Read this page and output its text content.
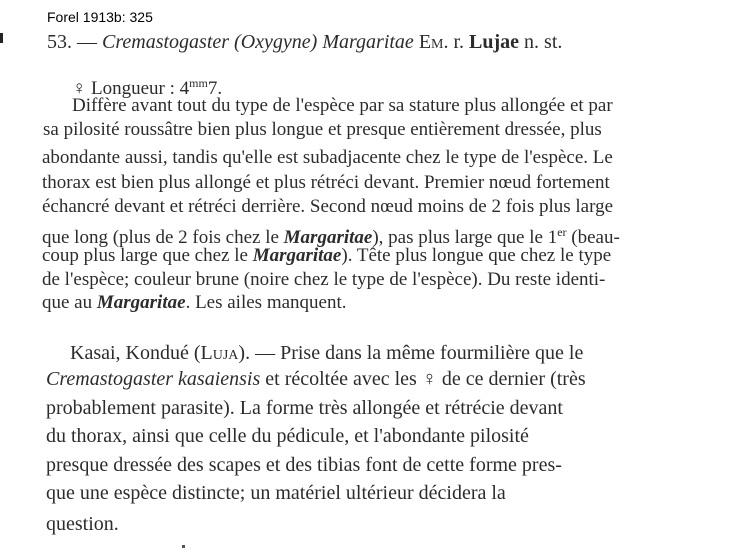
Forel 1913b: 325
53. — Cremastogaster (Oxygyne) Margaritae Em. r. Lujae n. st.
♀ Longueur : $4^{mm}7$.
Diffère avant tout du type de l'espèce par sa stature plus allongée et par
sa pilosité roussâtre bien plus longue et presque entièrement dressée, plus
abondante aussi, tandis qu'elle est subadjacente chez le type de l'espèce. Le
thorax est bien plus allongé et plus rétréci devant. Premier nœud fortement
échancré devant et rétréci derrière. Second nœud moins de 2 fois plus large
que long (plus de 2 fois chez le Margaritae), pas plus large que le 1er (beau-
coup plus large que chez le Margaritae). Tête plus longue que chez le type
de l'espèce; couleur brune (noire chez le type de l'espèce). Du reste identi-
que au Margaritae. Les ailes manquent.
Kasai, Kondué (Luja). — Prise dans la même fourmilière que le
Cremastogaster kasaiensis et récoltée avec les ♀ de ce dernier (très
probablement parasite). La forme très allongée et rétrécie devant
du thorax, ainsi que celle du pédicule, et l'abondante pilosité
presque dressée des scapes et des tibias font de cette forme pres-
que une espèce distincte; un matériel ultérieur décidera la
question.
